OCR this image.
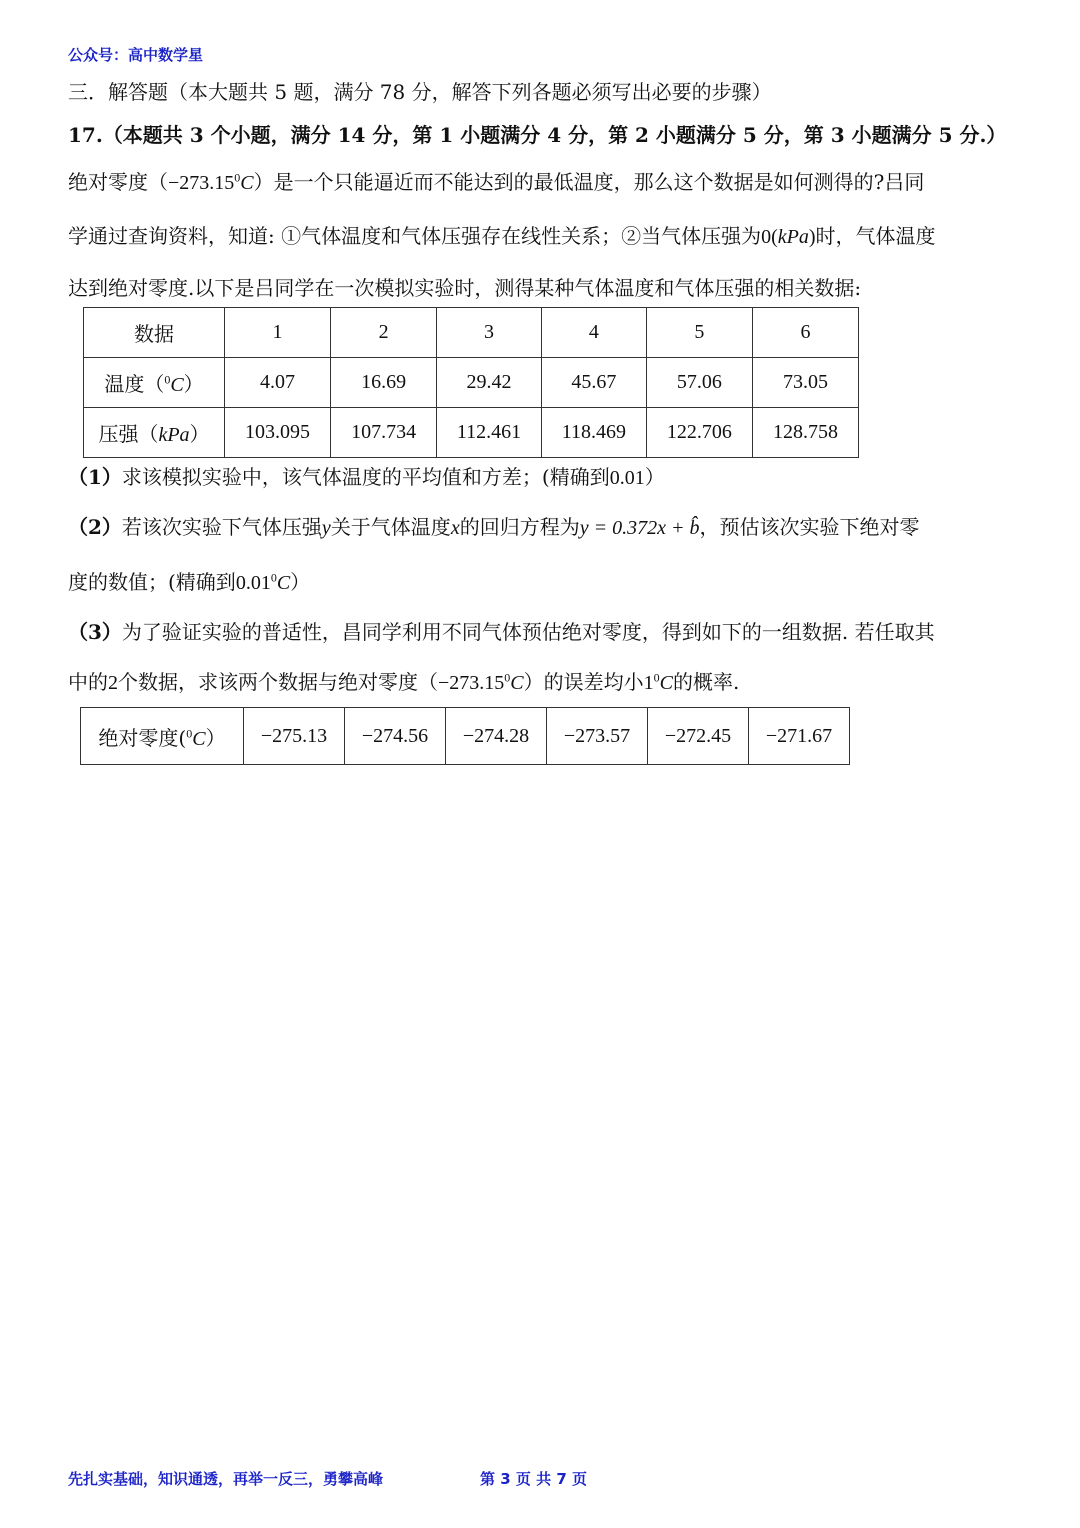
公众号：高中数学星
三．解答题（本大题共 5 题，满分 78 分，解答下列各题必须写出必要的步骤）
17.（本题共 3 个小题，满分 14 分，第 1 小题满分 4 分，第 2 小题满分 5 分，第 3 小题满分 5 分.）
绝对零度$(-273.15^0C)$是一个只能逼近而不能达到的最低温度，那么这个数据是如何测得的?吕同
学通过查询资料，知道: ①气体温度和气体压强存在线性关系；②当气体压强为0(kPa)时，气体温度
达到绝对零度.以下是吕同学在一次模拟实验时，测得某种气体温度和气体压强的相关数据:
数据	1	2	3	4	5	6
温度（$^0$C）	4.07	16.69	29.42	45.67	57.06	73.05
压强（kPa）	103.095	107.734	112.461	118.469	122.706	128.758
（1）求该模拟实验中，该气体温度的平均值和方差；(精确到0.01）
（2）若该次实验下气体压强y关于气体温度x的回归方程为y = 0.372x + b̂，预估该次实验下绝对零
度的数值；(精确到0.01$^0$C）
（3）为了验证实验的普适性，昌同学利用不同气体预估绝对零度，得到如下的一组数据. 若任取其
中的2个数据，求该两个数据与绝对零度$(-273.15^0C)$的误差均小$1^0C$的概率.
绝对零度($^0$C）	−275.13	−274.56	−274.28	−273.57	−272.45	−271.67
先扎实基础，知识通透，再举一反三，勇攀高峰	第 3 页 共 7 页
